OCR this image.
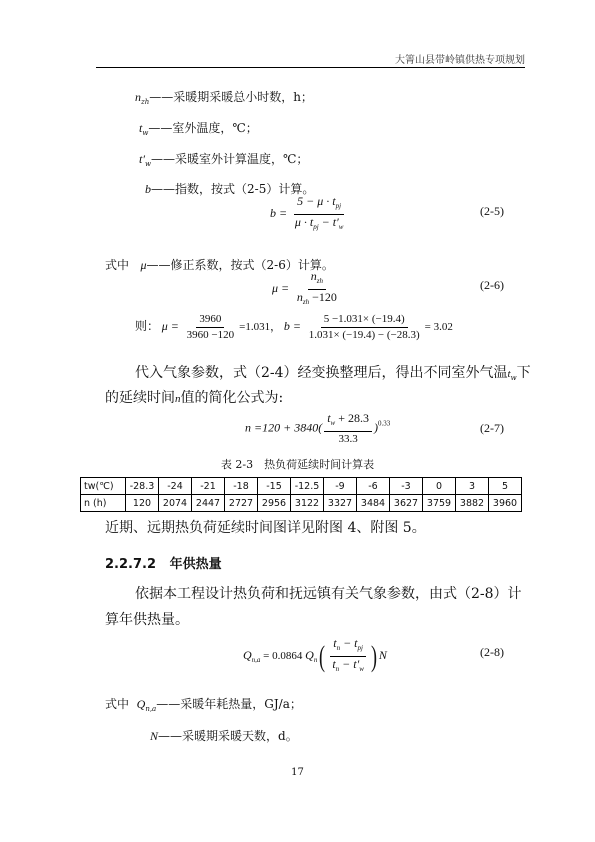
大箐山县带岭镇供热专项规划
$n_{zh}——$采暖期采暖总小时数，h；
$t_w——$室外温度，℃；
$t'_w——$采暖室外计算温度，℃；
b——指数，按式（2-5）计算。
$b = \frac{5 - \mu \cdot t_{pj}}{\mu \cdot t_{pj} - t'_w}$	(2-5)
式中 μ——修正系数，按式（2-6）计算。
$\mu = \frac{n_{zh}}{n_{zh} -120}$	(2-6)
则： $\mu = \frac{3960}{3960 -120} =1.031$， $b = \frac{5 -1.031\times (-19.4)}{1.031\times (-19.4) - (-28.3)} = 3.02$
代入气象参数，式（2-4）经变换整理后，得出不同室外气温$t_w$下
的延续时间n值的简化公式为:
$n =120 + 3840( \frac{t_w + 28.3}{33.3} )^{0.33}$	(2-7)
表 2-3　热负荷延续时间计算表
tw(℃)	-28.3	-24	-21	-18	-15	-12.5	-9	-6	-3	0	3	5
n (h)	120	2074	2447	2727	2956	3122	3327	3484	3627	3759	3882	3960
近期、远期热负荷延续时间图详见附图 4、附图 5。
2.2.7.2 年供热量
依据本工程设计热负荷和抚远镇有关气象参数，由式（2-8）计
算年供热量。
$Q_{n,a} = 0.0864$ $Q_n( \frac{t_n - t_{pj}}{t_n - t'_w}$ ) N	(2-8)
式中 $Q_{n,a}——$采暖年耗热量，GJ/a；
N——采暖期采暖天数，d。
17
